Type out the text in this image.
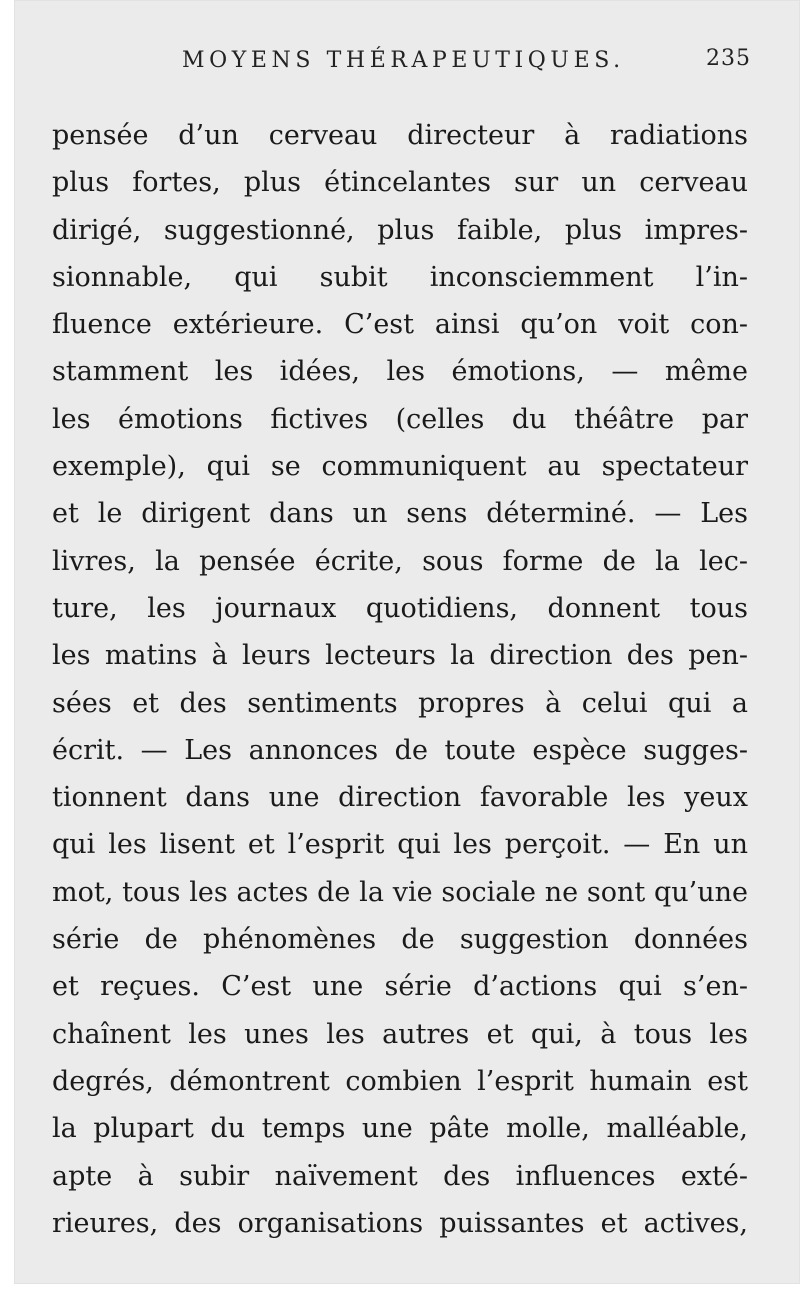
MOYENS THÉRAPEUTIQUES.	235
pensée d’un cerveau directeur à radiations
plus fortes, plus étincelantes sur un cerveau
dirigé, suggestionné, plus faible, plus impres-
sionnable, qui subit inconsciemment l’in-
fluence extérieure. C’est ainsi qu’on voit con-
stamment les idées, les émotions, — même
les émotions fictives (celles du théâtre par
exemple), qui se communiquent au spectateur
et le dirigent dans un sens déterminé. — Les
livres, la pensée écrite, sous forme de la lec-
ture, les journaux quotidiens, donnent tous
les matins à leurs lecteurs la direction des pen-
sées et des sentiments propres à celui qui a
écrit. — Les annonces de toute espèce sugges-
tionnent dans une direction favorable les yeux
qui les lisent et l’esprit qui les perçoit. — En un
mot, tous les actes de la vie sociale ne sont qu’une
série de phénomènes de suggestion données
et reçues. C’est une série d’actions qui s’en-
chaînent les unes les autres et qui, à tous les
degrés, démontrent combien l’esprit humain est
la plupart du temps une pâte molle, malléable,
apte à subir naïvement des influences exté-
rieures, des organisations puissantes et actives,
